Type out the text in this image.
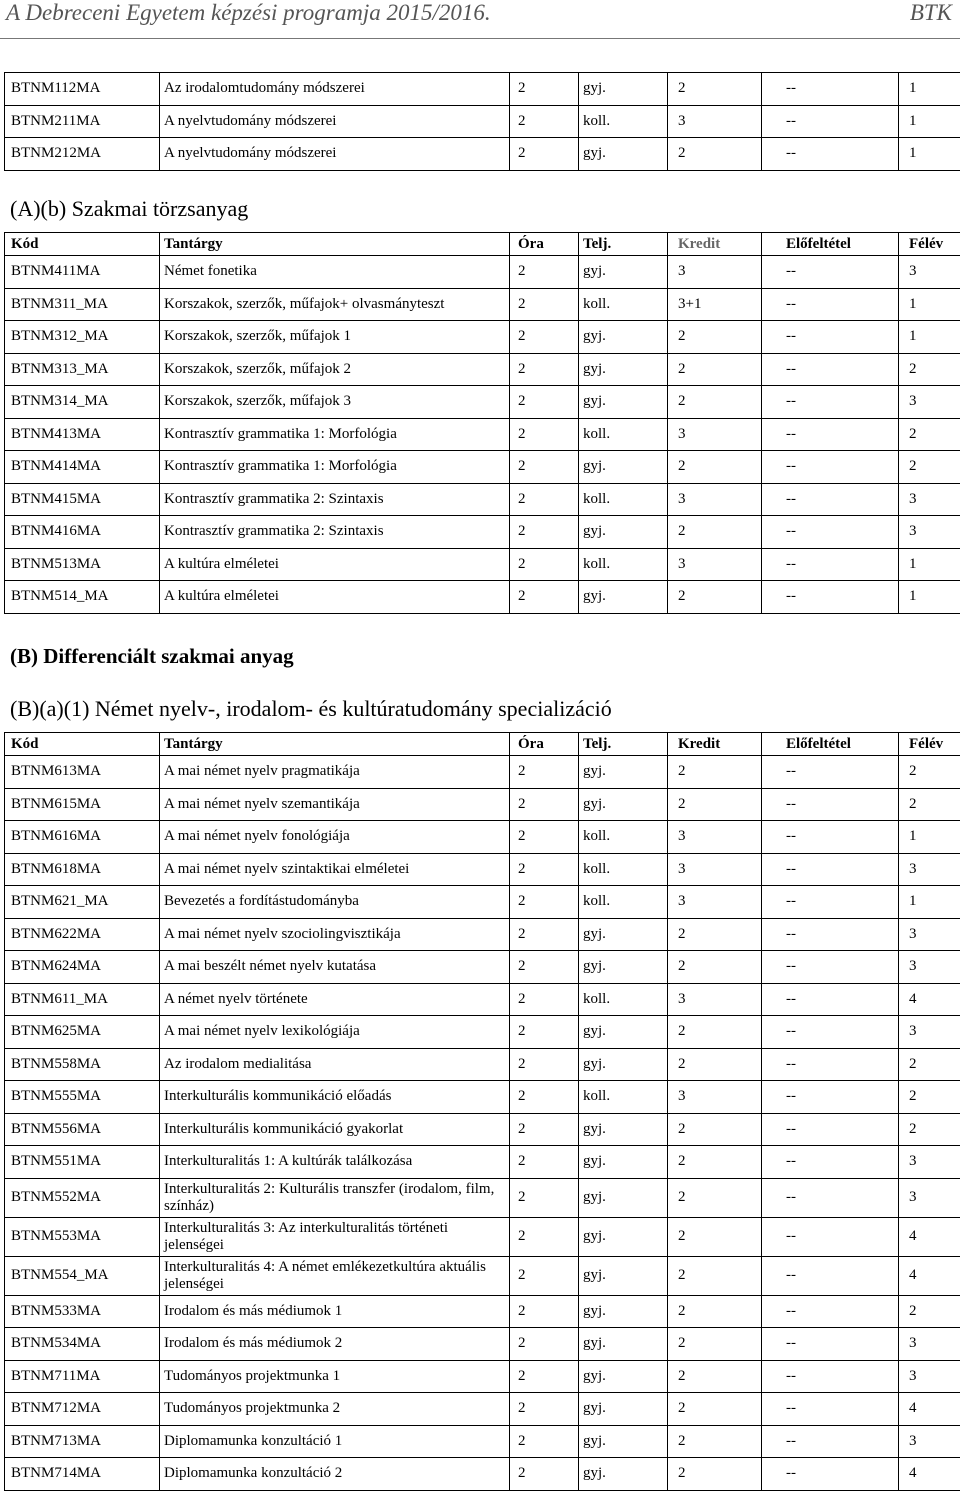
A Debreceni Egyetem képzési programja 2015/2016.	BTK
BTNM112MA	Az irodalomtudomány módszerei	2	gyj.	2	--	1
BTNM211MA	A nyelvtudomány módszerei	2	koll.	3	--	1
BTNM212MA	A nyelvtudomány módszerei	2	gyj.	2	--	1
(A)(b) Szakmai törzsanyag
Kód	Tantárgy	Óra	Telj.	Kredit	Előfeltétel	Félév
BTNM411MA	Német fonetika	2	gyj.	3	--	3
BTNM311_MA	Korszakok, szerzők, műfajok+ olvasmányteszt	2	koll.	3+1	--	1
BTNM312_MA	Korszakok, szerzők, műfajok 1	2	gyj.	2	--	1
BTNM313_MA	Korszakok, szerzők, műfajok 2	2	gyj.	2	--	2
BTNM314_MA	Korszakok, szerzők, műfajok 3	2	gyj.	2	--	3
BTNM413MA	Kontrasztív grammatika 1: Morfológia	2	koll.	3	--	2
BTNM414MA	Kontrasztív grammatika 1: Morfológia	2	gyj.	2	--	2
BTNM415MA	Kontrasztív grammatika 2: Szintaxis	2	koll.	3	--	3
BTNM416MA	Kontrasztív grammatika 2: Szintaxis	2	gyj.	2	--	3
BTNM513MA	A kultúra elméletei	2	koll.	3	--	1
BTNM514_MA	A kultúra elméletei	2	gyj.	2	--	1
(B) Differenciált szakmai anyag
(B)(a)(1) Német nyelv-, irodalom- és kultúratudomány specializáció
Kód	Tantárgy	Óra	Telj.	Kredit	Előfeltétel	Félév
BTNM613MA	A mai német nyelv pragmatikája	2	gyj.	2	--	2
BTNM615MA	A mai német nyelv szemantikája	2	gyj.	2	--	2
BTNM616MA	A mai német nyelv fonológiája	2	koll.	3	--	1
BTNM618MA	A mai német nyelv szintaktikai elméletei	2	koll.	3	--	3
BTNM621_MA	Bevezetés a fordítástudományba	2	koll.	3	--	1
BTNM622MA	A mai német nyelv szociolingvisztikája	2	gyj.	2	--	3
BTNM624MA	A mai beszélt német nyelv kutatása	2	gyj.	2	--	3
BTNM611_MA	A német nyelv története	2	koll.	3	--	4
BTNM625MA	A mai német nyelv lexikológiája	2	gyj.	2	--	3
BTNM558MA	Az irodalom medialitása	2	gyj.	2	--	2
BTNM555MA	Interkulturális kommunikáció előadás	2	koll.	3	--	2
BTNM556MA	Interkulturális kommunikáció gyakorlat	2	gyj.	2	--	2
BTNM551MA	Interkulturalitás 1: A kultúrák találkozása	2	gyj.	2	--	3
BTNM552MA	Interkulturalitás 2: Kulturális transzfer (irodalom, film, színház)	2	gyj.	2	--	3
BTNM553MA	Interkulturalitás 3: Az interkulturalitás történeti jelenségei	2	gyj.	2	--	4
BTNM554_MA	Interkulturalitás 4: A német emlékezetkultúra aktuális jelenségei	2	gyj.	2	--	4
BTNM533MA	Irodalom és más médiumok 1	2	gyj.	2	--	2
BTNM534MA	Irodalom és más médiumok 2	2	gyj.	2	--	3
BTNM711MA	Tudományos projektmunka 1	2	gyj.	2	--	3
BTNM712MA	Tudományos projektmunka 2	2	gyj.	2	--	4
BTNM713MA	Diplomamunka konzultáció 1	2	gyj.	2	--	3
BTNM714MA	Diplomamunka konzultáció 2	2	gyj.	2	--	4
